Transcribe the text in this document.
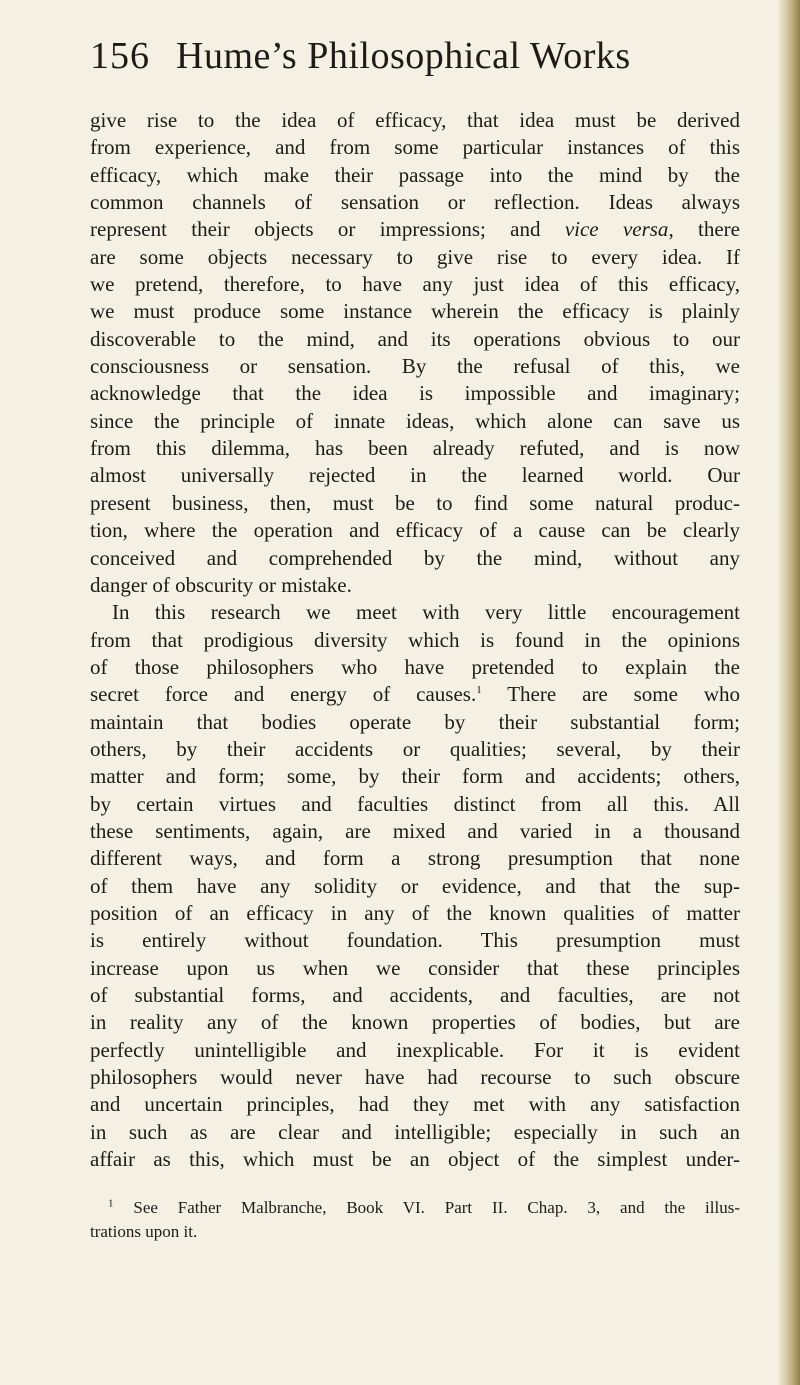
156 Hume’s Philosophical Works
give rise to the idea of efficacy, that idea must be derived
from experience, and from some particular instances of this
efficacy, which make their passage into the mind by the
common channels of sensation or reflection. Ideas always
represent their objects or impressions; and vice versa, there
are some objects necessary to give rise to every idea. If
we pretend, therefore, to have any just idea of this efficacy,
we must produce some instance wherein the efficacy is plainly
discoverable to the mind, and its operations obvious to our
consciousness or sensation. By the refusal of this, we
acknowledge that the idea is impossible and imaginary;
since the principle of innate ideas, which alone can save us
from this dilemma, has been already refuted, and is now
almost universally rejected in the learned world. Our
present business, then, must be to find some natural produc-
tion, where the operation and efficacy of a cause can be clearly
conceived and comprehended by the mind, without any
danger of obscurity or mistake.
In this research we meet with very little encouragement
from that prodigious diversity which is found in the opinions
of those philosophers who have pretended to explain the
secret force and energy of causes.$^1$ There are some who
maintain that bodies operate by their substantial form;
others, by their accidents or qualities; several, by their
matter and form; some, by their form and accidents; others,
by certain virtues and faculties distinct from all this. All
these sentiments, again, are mixed and varied in a thousand
different ways, and form a strong presumption that none
of them have any solidity or evidence, and that the sup-
position of an efficacy in any of the known qualities of matter
is entirely without foundation. This presumption must
increase upon us when we consider that these principles
of substantial forms, and accidents, and faculties, are not
in reality any of the known properties of bodies, but are
perfectly unintelligible and inexplicable. For it is evident
philosophers would never have had recourse to such obscure
and uncertain principles, had they met with any satisfaction
in such as are clear and intelligible; especially in such an
affair as this, which must be an object of the simplest under-
$^1$ See Father Malbranche, Book VI. Part II. Chap. 3, and the illus-
trations upon it.
